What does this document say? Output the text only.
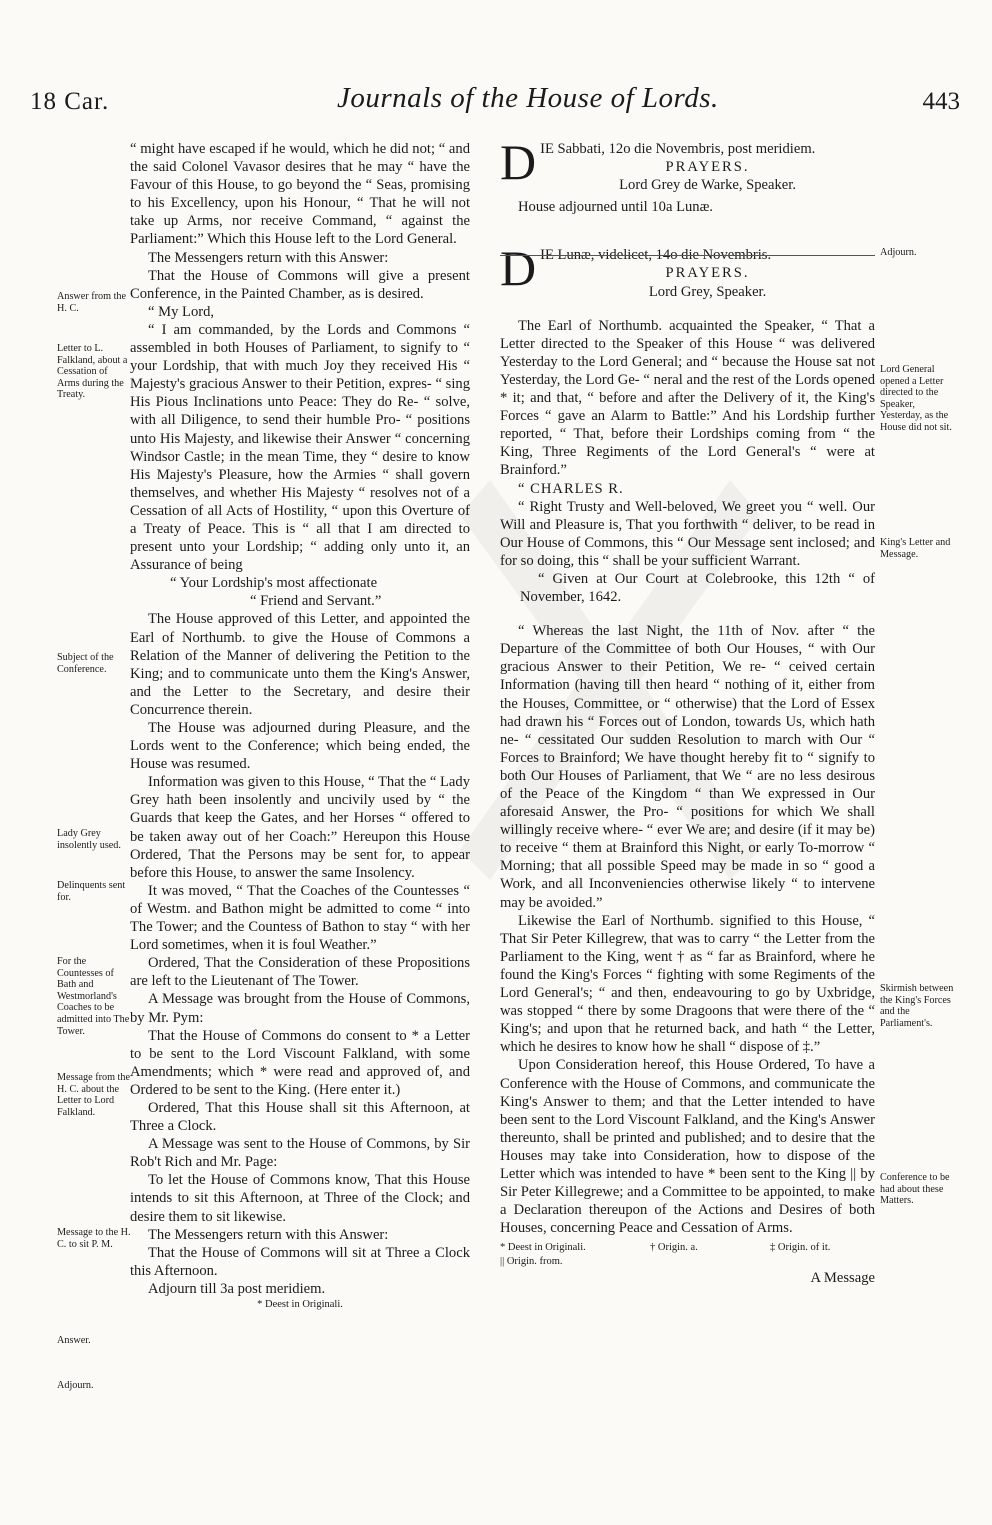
18 Car.	Journals of the House of Lords.	443

“ might have escaped if he would, which he did not; “ and the said Colonel Vavasor desires that he may “ have the Favour of this House, to go beyond the “ Seas, promising to his Excellency, upon his Honour, “ That he will not take up Arms, nor receive Command, “ against the Parliament:” Which this House left to the Lord General.

The Messengers return with this Answer:

That the House of Commons will give a present Conference, in the Painted Chamber, as is desired.

“ My Lord,

“ I am commanded, by the Lords and Commons “ assembled in both Houses of Parliament, to signify to “ your Lordship, that with much Joy they received His “ Majesty's gracious Answer to their Petition, expres- “ sing His Pious Inclinations unto Peace: They do Re- “ solve, with all Diligence, to send their humble Pro- “ positions unto His Majesty, and likewise their Answer “ concerning Windsor Castle; in the mean Time, they “ desire to know His Majesty's Pleasure, how the Armies “ shall govern themselves, and whether His Majesty “ resolves not of a Cessation of all Acts of Hostility, “ upon this Overture of a Treaty of Peace. This is “ all that I am directed to present unto your Lordship; “ adding only unto it, an Assurance of being

“ Your Lordship's most affectionate

“ Friend and Servant.”

The House approved of this Letter, and appointed the Earl of Northumb. to give the House of Commons a Relation of the Manner of delivering the Petition to the King; and to communicate unto them the King's Answer, and the Letter to the Secretary, and desire their Concurrence therein.

The House was adjourned during Pleasure, and the Lords went to the Conference; which being ended, the House was resumed.

Information was given to this House, “ That the “ Lady Grey hath been insolently and uncivily used by “ the Guards that keep the Gates, and her Horses “ offered to be taken away out of her Coach:” Hereupon this House Ordered, That the Persons may be sent for, to appear before this House, to answer the same Insolency.

It was moved, “ That the Coaches of the Countesses “ of Westm. and Bathon might be admitted to come “ into The Tower; and the Countess of Bathon to stay “ with her Lord sometimes, when it is foul Weather.”

Ordered, That the Consideration of these Propositions are left to the Lieutenant of The Tower.

A Message was brought from the House of Commons, by Mr. Pym:

That the House of Commons do consent to * a Letter to be sent to the Lord Viscount Falkland, with some Amendments; which * were read and approved of, and Ordered to be sent to the King. (Here enter it.)

Ordered, That this House shall sit this Afternoon, at Three a Clock.

A Message was sent to the House of Commons, by Sir Rob't Rich and Mr. Page:

To let the House of Commons know, That this House intends to sit this Afternoon, at Three of the Clock; and desire them to sit likewise.

The Messengers return with this Answer:

That the House of Commons will sit at Three a Clock this Afternoon.

Adjourn till 3a post meridiem.

* Deest in Originali.

Answer from the H. C.
Letter to L. Falkland, about a Cessation of Arms during the Treaty.
Subject of the Conference.
Lady Grey insolently used.
Delinquents sent for.
For the Countesses of Bath and Westmorland's Coaches to be admitted into The Tower.
Message from the H. C. about the Letter to Lord Falkland.
Message to the H. C. to sit P. M.
Answer.
Adjourn.

DIE Sabbati, 12o die Novembris, post meridiem.

PRAYERS.

Lord Grey de Warke, Speaker.

House adjourned until 10a Lunæ.

DIE Lunæ, videlicet, 14o die Novembris.

PRAYERS.

Lord Grey, Speaker.

The Earl of Northumb. acquainted the Speaker, “ That a Letter directed to the Speaker of this House “ was delivered Yesterday to the Lord General; and “ because the House sat not Yesterday, the Lord Ge- “ neral and the rest of the Lords opened * it; and that, “ before and after the Delivery of it, the King's Forces “ gave an Alarm to Battle:” And his Lordship further reported, “ That, before their Lordships coming from “ the King, Three Regiments of the Lord General's “ were at Brainford.”

“ CHARLES R.

“ Right Trusty and Well-beloved, We greet you “ well. Our Will and Pleasure is, That you forthwith “ deliver, to be read in Our House of Commons, this “ Our Message sent inclosed; and for so doing, this “ shall be your sufficient Warrant.

“ Given at Our Court at Colebrooke, this 12th “ of November, 1642.

“ Whereas the last Night, the 11th of Nov. after “ the Departure of the Committee of both Our Houses, “ with Our gracious Answer to their Petition, We re- “ ceived certain Information (having till then heard “ nothing of it, either from the Houses, Committee, or “ otherwise) that the Lord of Essex had drawn his “ Forces out of London, towards Us, which hath ne- “ cessitated Our sudden Resolution to march with Our “ Forces to Brainford; We have thought hereby fit to “ signify to both Our Houses of Parliament, that We “ are no less desirous of the Peace of the Kingdom “ than We expressed in Our aforesaid Answer, the Pro- “ positions for which We shall willingly receive where- “ ever We are; and desire (if it may be) to receive “ them at Brainford this Night, or early To-morrow “ Morning; that all possible Speed may be made in so “ good a Work, and all Inconveniencies otherwise likely “ to intervene may be avoided.”

Likewise the Earl of Northumb. signified to this House, “ That Sir Peter Killegrew, that was to carry “ the Letter from the Parliament to the King, went † as “ far as Brainford, where he found the King's Forces “ fighting with some Regiments of the Lord General's; “ and then, endeavouring to go by Uxbridge, was stopped “ there by some Dragoons that were there of the “ King's; and upon that he returned back, and hath “ the Letter, which he desires to know how he shall “ dispose of ‡.”

Upon Consideration hereof, this House Ordered, To have a Conference with the House of Commons, and communicate the King's Answer to them; and that the Letter intended to have been sent to the Lord Viscount Falkland, and the King's Answer thereunto, shall be printed and published; and to desire that the Houses may take into Consideration, how to dispose of the Letter which was intended to have * been sent to the King || by Sir Peter Killegrewe; and a Committee to be appointed, to make a Declaration thereupon of the Actions and Desires of both Houses, concerning Peace and Cessation of Arms.

* Deest in Originali.	† Origin. a.	‡ Origin. of it.
|| Origin. from.

A Message

Adjourn.
Lord General opened a Letter directed to the Speaker, Yesterday, as the House did not sit.
King's Letter and Message.
Skirmish between the King's Forces and the Parliament's.
Conference to be had about these Matters.
